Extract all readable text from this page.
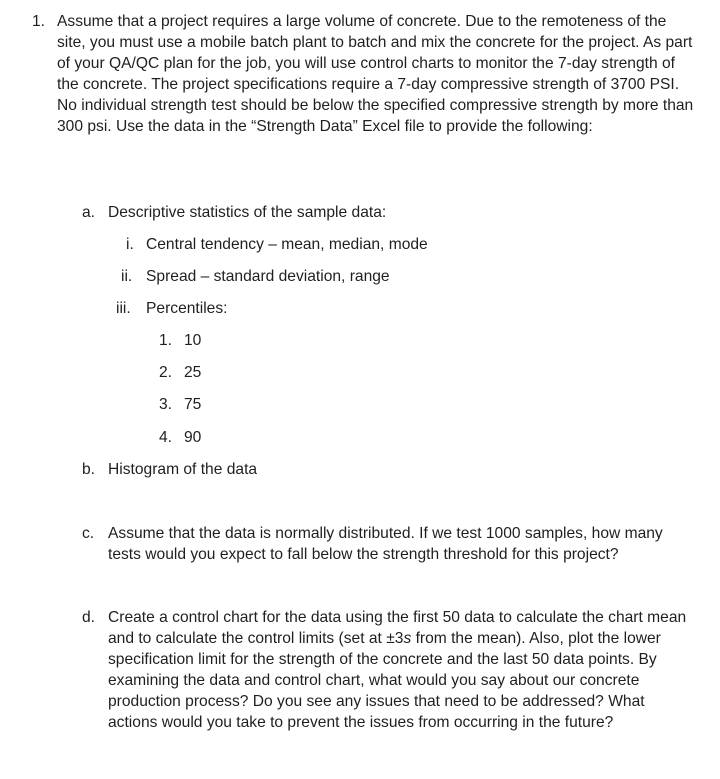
1. Assume that a project requires a large volume of concrete. Due to the remoteness of the site, you must use a mobile batch plant to batch and mix the concrete for the project. As part of your QA/QC plan for the job, you will use control charts to monitor the 7-day strength of the concrete. The project specifications require a 7-day compressive strength of 3700 PSI. No individual strength test should be below the specified compressive strength by more than 300 psi. Use the data in the “Strength Data” Excel file to provide the following:

a. Descriptive statistics of the sample data:

i. Central tendency – mean, median, mode

ii. Spread – standard deviation, range

iii. Percentiles:

1. 10
2. 25
3. 75
4. 90
b. Histogram of the data

c. Assume that the data is normally distributed. If we test 1000 samples, how many tests would you expect to fall below the strength threshold for this project?

d. Create a control chart for the data using the first 50 data to calculate the chart mean and to calculate the control limits (set at ±3s from the mean). Also, plot the lower specification limit for the strength of the concrete and the last 50 data points. By examining the data and control chart, what would you say about our concrete production process? Do you see any issues that need to be addressed? What actions would you take to prevent the issues from occurring in the future?
